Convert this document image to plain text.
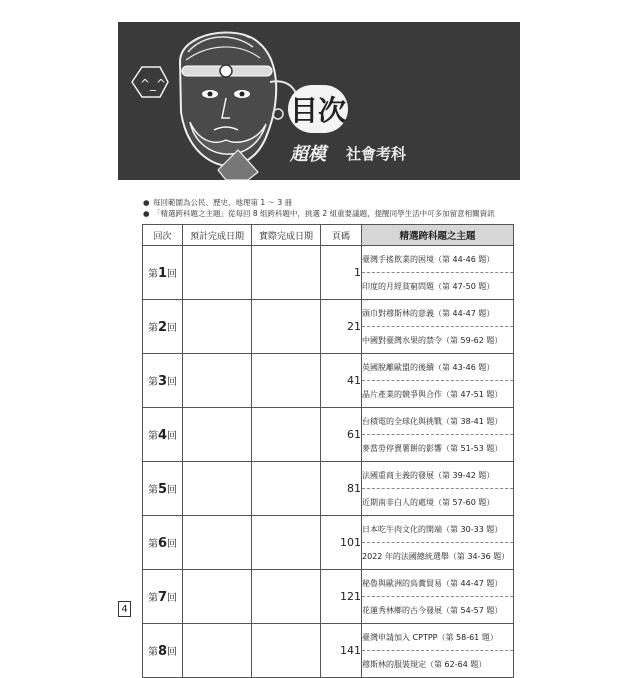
^_^
目次
超模 社會考科
● 每回範圍為公民、歷史、地理第 1 ～ 3 冊
● 「精選跨科題之主題」從每回 8 組跨科題中，挑選 2 組重要議題，提醒同學生活中可多加留意相關資訊
回次	預計完成日期	實際完成日期	頁碼	精選跨科題之主題
第1回			1	臺灣手搖飲業的困境（第 44-46 題）
印度的月經貧窮問題（第 47-50 題）

第2回			21	頭巾對穆斯林的意義（第 44-47 題）
中國對臺灣水果的禁令（第 59-62 題）

第3回			41	英國脫離歐盟的後續（第 43-46 題）
晶片產業的競爭與合作（第 47-51 題）

第4回			61	台積電的全球化與挑戰（第 38-41 題）
麥當勞停賣薯餅的影響（第 51-53 題）

第5回			81	法國重商主義的發展（第 39-42 題）
近期南非白人的處境（第 57-60 題）

第6回			101	日本吃牛肉文化的開端（第 30-33 題）
2022 年的法國總統選舉（第 34-36 題）

第7回			121	秘魯與歐洲的鳥糞貿易（第 44-47 題）
花蓮秀林鄉的古今發展（第 54-57 題）

第8回			141	臺灣申請加入 CPTPP（第 58-61 題）
穆斯林的服裝規定（第 62-64 題）
4
